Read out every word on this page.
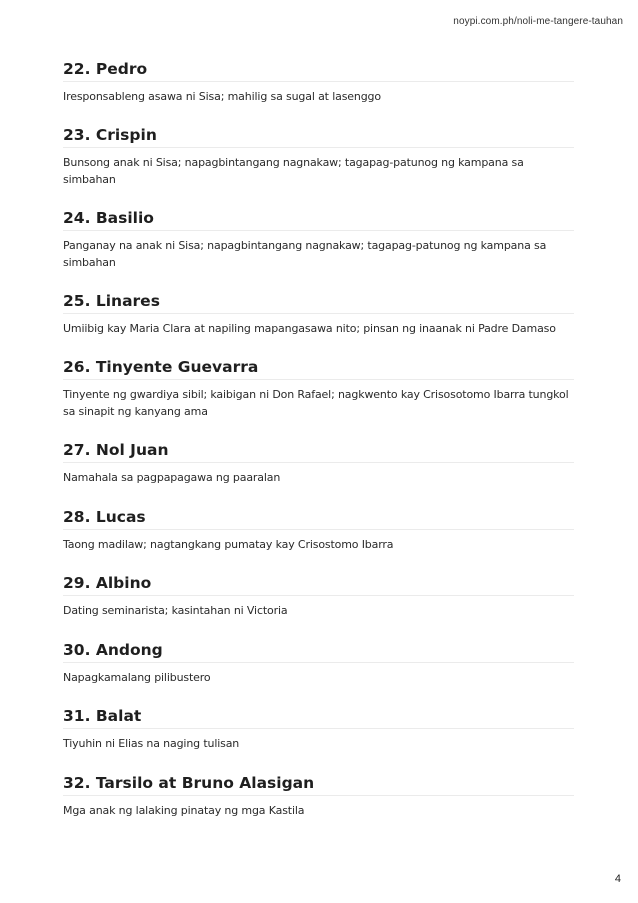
noypi.com.ph/noli-me-tangere-tauhan
22. Pedro
Iresponsableng asawa ni Sisa; mahilig sa sugal at lasenggo
23. Crispin
Bunsong anak ni Sisa; napagbintangang nagnakaw; tagapag-patunog ng kampana sa simbahan
24. Basilio
Panganay na anak ni Sisa; napagbintangang nagnakaw; tagapag-patunog ng kampana sa simbahan
25. Linares
Umiibig kay Maria Clara at napiling mapangasawa nito; pinsan ng inaanak ni Padre Damaso
26. Tinyente Guevarra
Tinyente ng gwardiya sibil; kaibigan ni Don Rafael; nagkwento kay Crisosotomo Ibarra tungkol sa sinapit ng kanyang ama
27. Nol Juan
Namahala sa pagpapagawa ng paaralan
28. Lucas
Taong madilaw; nagtangkang pumatay kay Crisostomo Ibarra
29. Albino
Dating seminarista; kasintahan ni Victoria
30. Andong
Napagkamalang pilibustero
31. Balat
Tiyuhin ni Elias na naging tulisan
32. Tarsilo at Bruno Alasigan
Mga anak ng lalaking pinatay ng mga Kastila
4
